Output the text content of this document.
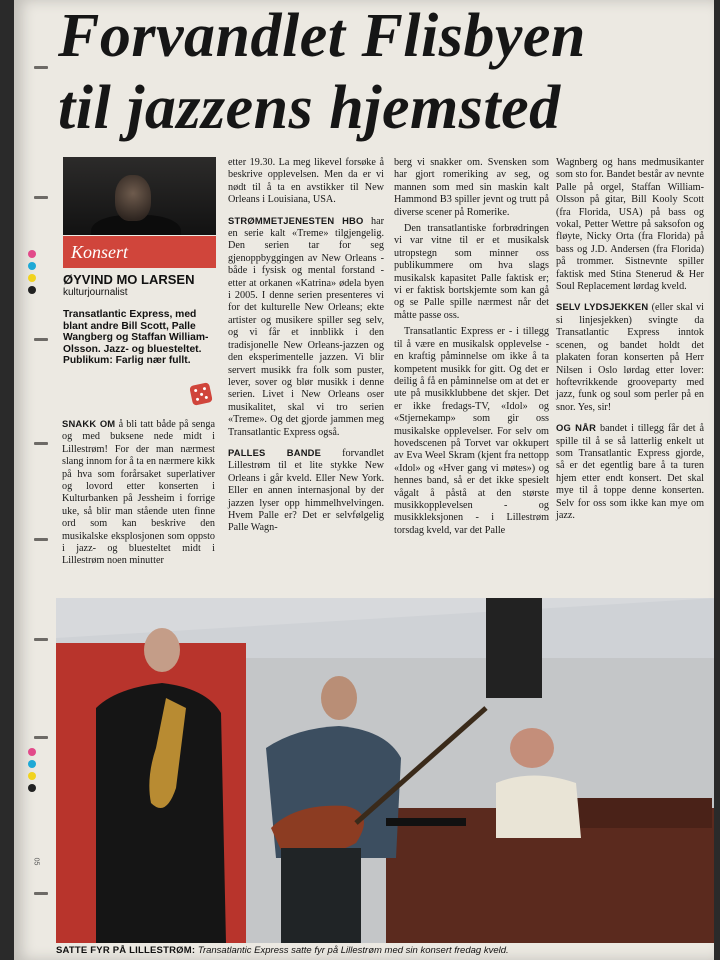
Forvandlet Flisbyen
til jazzens hjemsted
Konsert
ØYVIND MO LARSEN
kulturjournalist
Transatlantic Express, med blant andre Bill Scott, Palle Wangberg og Staffan William-Olsson. Jazz- og bluesteltet. Publikum: Farlig nær fullt.

SNAKK OM å bli tatt både på senga og med buksene nede midt i Lillestrøm! For der man nærmest slang innom for å ta en nærmere kikk på hva som forårsaket superlativer og lovord etter konserten i Kulturbanken på Jessheim i forrige uke, så blir man stående uten finne ord som kan beskrive den musikalske eksplosjonen som oppsto i jazz- og bluesteltet midt i Lillestrøm noen minutter

etter 19.30. La meg likevel forsøke å beskrive opplevelsen. Men da er vi nødt til å ta en avstikker til New Orleans i Louisiana, USA.

STRØMMETJENESTEN HBO har en serie kalt «Treme» tilgjengelig. Den serien tar for seg gjenoppbyggingen av New Orleans - både i fysisk og mental forstand - etter at orkanen «Katrina» ødela byen i 2005. I denne serien presenteres vi for det kulturelle New Orleans; ekte artister og musikere spiller seg selv, og vi får et innblikk i den tradisjonelle New Orleans-jazzen og den eksperimentelle jazzen. Vi blir servert musikk fra folk som puster, lever, sover og blør musikk i denne serien. Livet i New Orleans oser musikalitet, skal vi tro serien «Treme». Og det gjorde jammen meg Transatlantic Express også.

PALLES BANDE forvandlet Lillestrøm til et lite stykke New Orleans i går kveld. Eller New York. Eller en annen internasjonal by der jazzen lyser opp himmelhvelvingen. Hvem Palle er? Det er selvfølgelig Palle Wagn-

berg vi snakker om. Svensken som har gjort romeriking av seg, og mannen som med sin maskin kalt Hammond B3 spiller jevnt og trutt på diverse scener på Romerike.

Den transatlantiske forbrødringen vi var vitne til er et musikalsk utropstegn som minner oss publikummere om hva slags musikalsk kapasitet Palle faktisk er; vi er faktisk bortskjemte som kan gå og se Palle spille nærmest når det måtte passe oss.

Transatlantic Express er - i tillegg til å være en musikalsk opplevelse - en kraftig påminnelse om ikke å ta kompetent musikk for gitt. Og det er deilig å få en påminnelse om at det er ute på musikklubbene det skjer. Det er ikke fredags-TV, «Idol» og «Stjernekamp» som gir oss musikalske opplevelser. For selv om hovedscenen på Torvet var okkupert av Eva Weel Skram (kjent fra nettopp «Idol» og «Hver gang vi møtes») og hennes band, så er det ikke spesielt vågalt å påstå at den største musikkopplevelsen - og musikkleksjonen - i Lillestrøm torsdag kveld, var det Palle

Wagnberg og hans medmusikanter som sto for. Bandet består av nevnte Palle på orgel, Staffan William-Olsson på gitar, Bill Kooly Scott (fra Florida, USA) på bass og vokal, Petter Wettre på saksofon og fløyte, Nicky Orta (fra Florida) på bass og J.D. Andersen (fra Florida) på trommer. Sistnevnte spiller faktisk med Stina Stenerud & Her Soul Replacement lørdag kveld.

SELV LYDSJEKKEN (eller skal vi si linjesjekken) svingte da Transatlantic Express inntok scenen, og bandet holdt det plakaten foran konserten på Herr Nilsen i Oslo lørdag etter lover: hoftevrikkende grooveparty med jazz, funk og soul som perler på en snor. Yes, sir!

OG NÅR bandet i tillegg får det å spille til å se så latterlig enkelt ut som Transatlantic Express gjorde, så er det egentlig bare å ta turen hjem etter endt konsert. Det skal mye til å toppe denne konserten. Selv for oss som ikke kan mye om jazz.

SATTE FYR PÅ LILLESTRØM: Transatlantic Express satte fyr på Lillestrøm med sin konsert fredag kveld.
05
